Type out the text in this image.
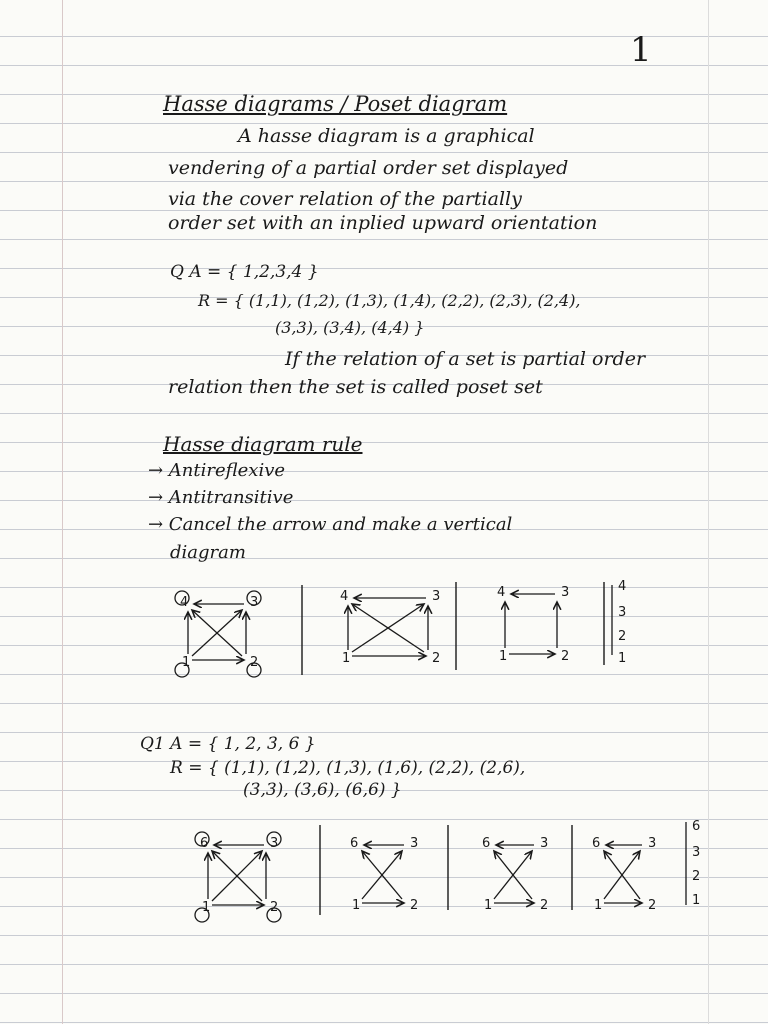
1
Hasse diagrams / Poset diagram
A hasse diagram is a graphical
vendering of a partial order set displayed
via the cover relation of the partially
order set with an inplied upward orientation
Q A = { 1,2,3,4 }
R = { (1,1), (1,2), (1,3), (1,4), (2,2), (2,3), (2,4),
(3,3), (3,4), (4,4) }
If the relation of a set is partial order
relation then the set is called poset set
Hasse diagram rule
→ Antireflexive
→ Antitransitive
→ Cancel the arrow and make a vertical
diagram
Q1 A = { 1, 2, 3, 6 }
R = { (1,1), (1,2), (1,3), (1,6), (2,2), (2,6),
(3,3), (3,6), (6,6) }
1	2
3
4
1	2
3
4
1	2
3
4	4
3
2
1
1	2
3
6
1	2
3
6
1	2
3
6
1	2
3
6
6
3
2
1
